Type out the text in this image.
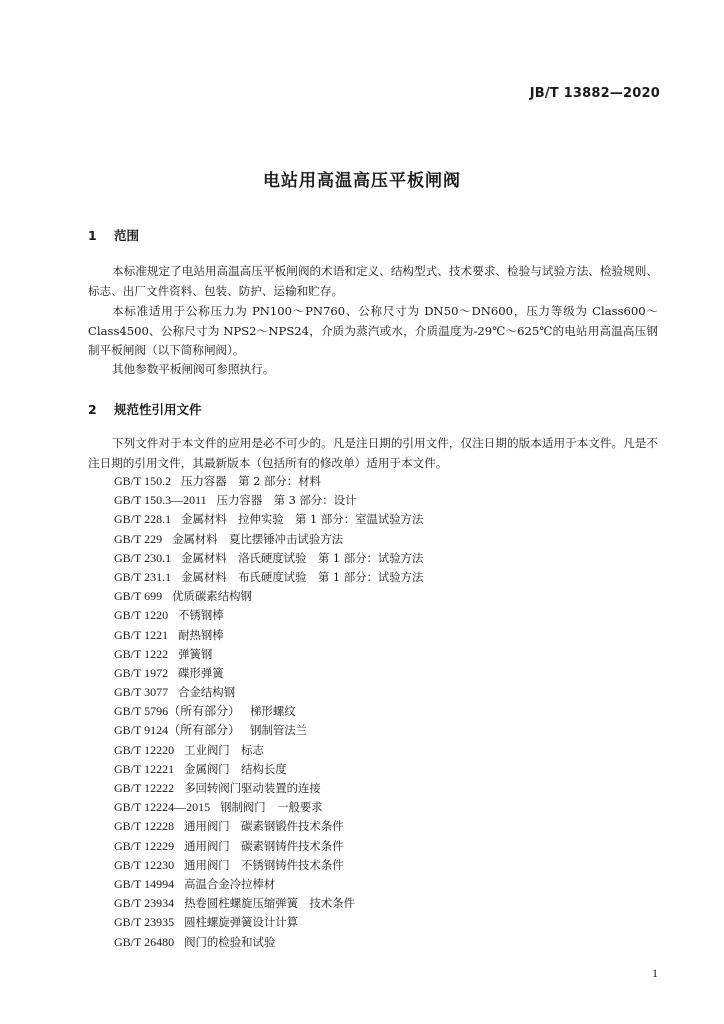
JB/T 13882—2020
电站用高温高压平板闸阀
1 范围
本标准规定了电站用高温高压平板闸阀的术语和定义、结构型式、技术要求、检验与试验方法、检验规则、标志、出厂文件资料、包装、防护、运输和贮存。
本标准适用于公称压力为 PN100～PN760、公称尺寸为 DN50～DN600，压力等级为 Class600～Class4500、公称尺寸为 NPS2～NPS24，介质为蒸汽或水，介质温度为-29℃～625℃的电站用高温高压钢制平板闸阀（以下简称闸阀）。
其他参数平板闸阀可参照执行。
2 规范性引用文件
下列文件对于本文件的应用是必不可少的。凡是注日期的引用文件，仅注日期的版本适用于本文件。凡是不注日期的引用文件，其最新版本（包括所有的修改单）适用于本文件。
GB/T 150.2 压力容器　第 2 部分：材料
GB/T 150.3—2011 压力容器　第 3 部分：设计
GB/T 228.1 金属材料　拉伸实验　第 1 部分：室温试验方法
GB/T 229 金属材料　夏比摆锤冲击试验方法
GB/T 230.1 金属材料　洛氏硬度试验　第 1 部分：试验方法
GB/T 231.1 金属材料　布氏硬度试验　第 1 部分：试验方法
GB/T 699 优质碳素结构钢
GB/T 1220 不锈钢棒
GB/T 1221 耐热钢棒
GB/T 1222 弹簧钢
GB/T 1972 碟形弹簧
GB/T 3077 合金结构钢
GB/T 5796（所有部分） 梯形螺纹
GB/T 9124（所有部分） 钢制管法兰
GB/T 12220 工业阀门　标志
GB/T 12221 金属阀门　结构长度
GB/T 12222 多回转阀门驱动装置的连接
GB/T 12224—2015 钢制阀门　一般要求
GB/T 12228 通用阀门　碳素钢锻件技术条件
GB/T 12229 通用阀门　碳素钢铸件技术条件
GB/T 12230 通用阀门　不锈钢铸件技术条件
GB/T 14994 高温合金冷拉棒材
GB/T 23934 热卷圆柱螺旋压缩弹簧　技术条件
GB/T 23935 圆柱螺旋弹簧设计计算
GB/T 26480 阀门的检验和试验
1
